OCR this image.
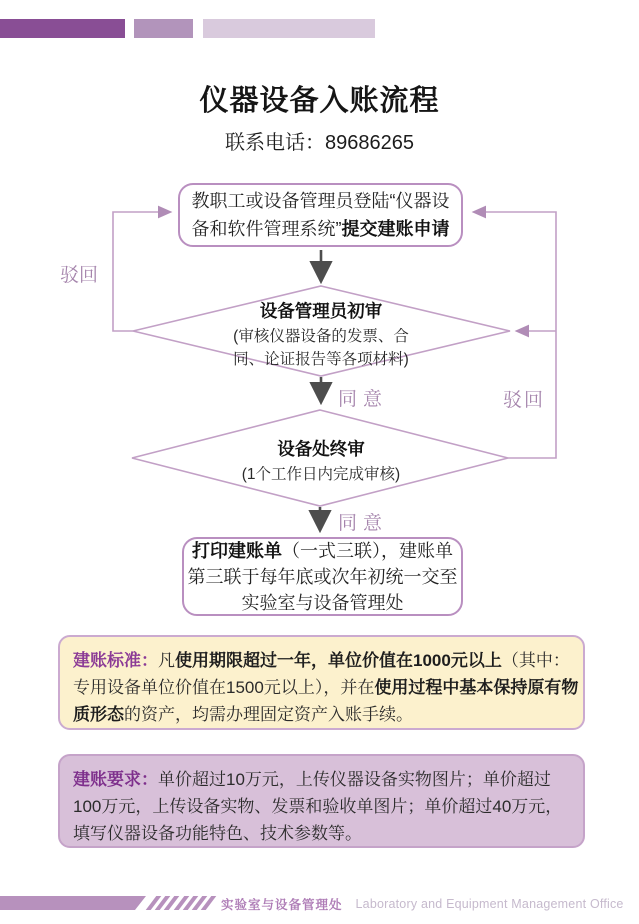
仪器设备入账流程
联系电话：89686265
教职工或设备管理员登陆“仪器设
备和软件管理系统”提交建账申请
设备管理员初审

(审核仪器设备的发票、合同、论证报告等各项材料)

设备处终审

(1个工作日内完成审核)

驳回
同意	驳回
同意
打印建账单（一式三联），建账单
第三联于每年底或次年初统一交至
实验室与设备管理处
建账标准：凡使用期限超过一年，单位价值在1000元以上（其中：专用设备单位价值在1500元以上），并在使用过程中基本保持原有物质形态的资产，均需办理固定资产入账手续。
建账要求：单价超过10万元，上传仪器设备实物图片；单价超过100万元，上传设备实物、发票和验收单图片；单价超过40万元，填写仪器设备功能特色、技术参数等。
实验室与设备管理处 Laboratory and Equipment Management Office
